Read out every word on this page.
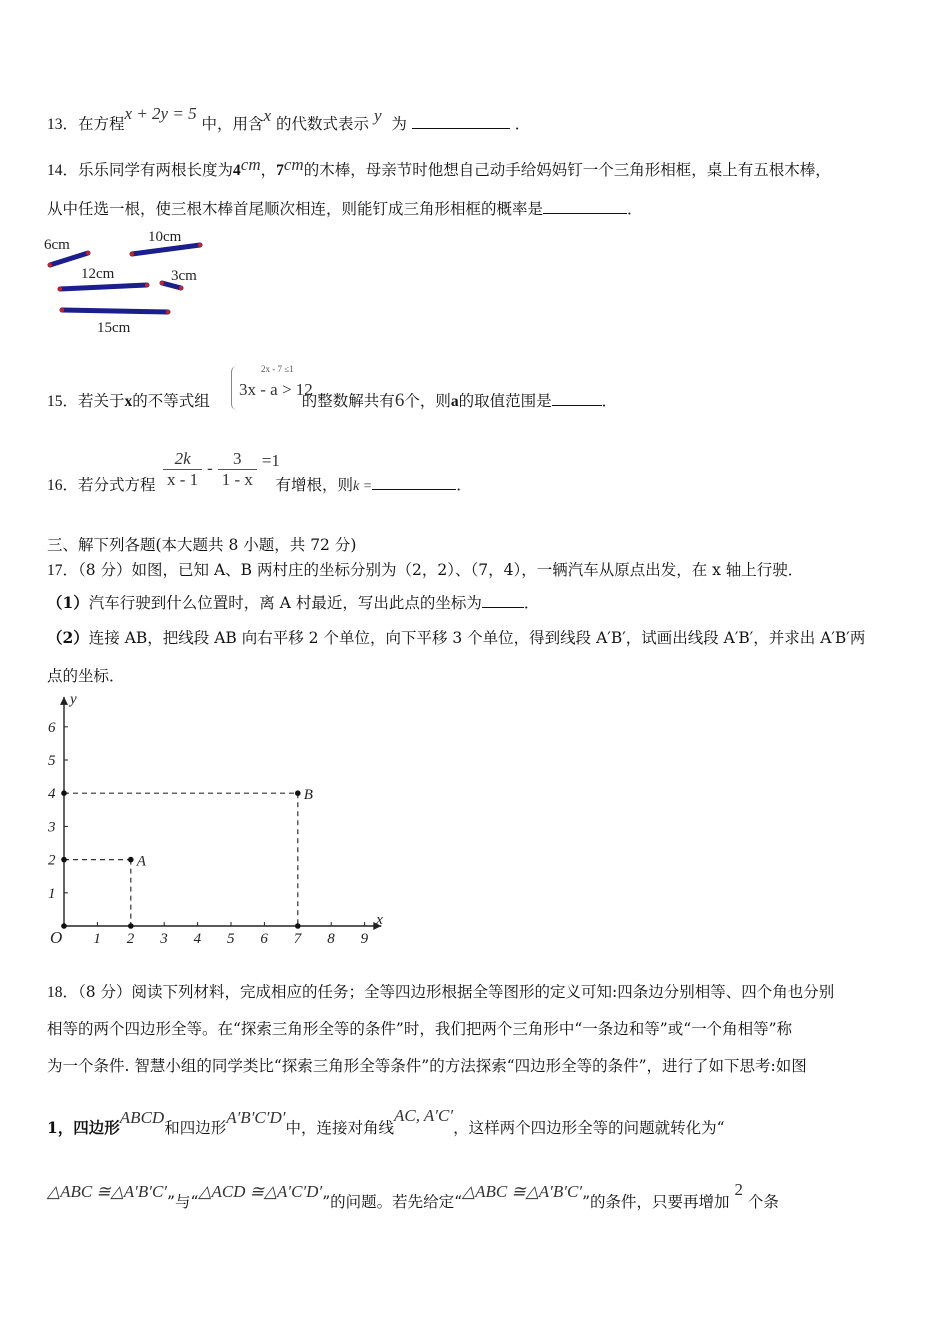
13．在方程x + 2y = 5 中，用含x 的代数式表示 y 为	．
14．乐乐同学有两根长度为4cm，7cm的木棒，母亲节时他想自己动手给妈妈钉一个三角形相框，桌上有五根木棒，
从中任选一根，使三根木棒首尾顺次相连，则能钉成三角形相框的概率是	．
6cm	10cm
12cm	3cm
15cm
15．若关于x的不等式组	的整数解共有6个，则a的取值范围是	．
2x - 7 ≤1
3x - a > 12
16．若分式方程	有增根，则k =	．
$\frac{2k}{x - 1} - \frac{3}{1 - x} =1$
三、解下列各题(本大题共 8 小题，共 72 分)
17．（8 分）如图，已知 A、B 两村庄的坐标分别为（2，2）、（7，4），一辆汽车从原点出发，在 x 轴上行驶．
（1）汽车行驶到什么位置时，离 A 村最近，写出此点的坐标为	．
（2）连接 AB，把线段 AB 向右平移 2 个单位，向下平移 3 个单位，得到线段 A′B′，试画出线段 A′B′，并求出 A′B′两
点的坐标．
x
y
O 1 2 3 4 5 6 7 8 9
1
2
3
4
5
6
A
B
18．（8 分）阅读下列材料，完成相应的任务；全等四边形根据全等图形的定义可知:四条边分别相等、四个角也分别
相等的两个四边形全等。在“探索三角形全等的条件”时，我们把两个三角形中“一条边和等”或“一个角相等”称
为一个条件. 智慧小组的同学类比“探索三角形全等条件”的方法探索“四边形全等的条件”，进行了如下思考:如图
1，四边形ABCD和四边形A′B′C′D′中，连接对角线AC, A′C′，这样两个四边形全等的问题就转化为“
△ABC ≅△A′B′C′”与“△ACD ≅△A′C′D′”的问题。若先给定“△ABC ≅△A′B′C′”的条件，只要再增加 2 个条
